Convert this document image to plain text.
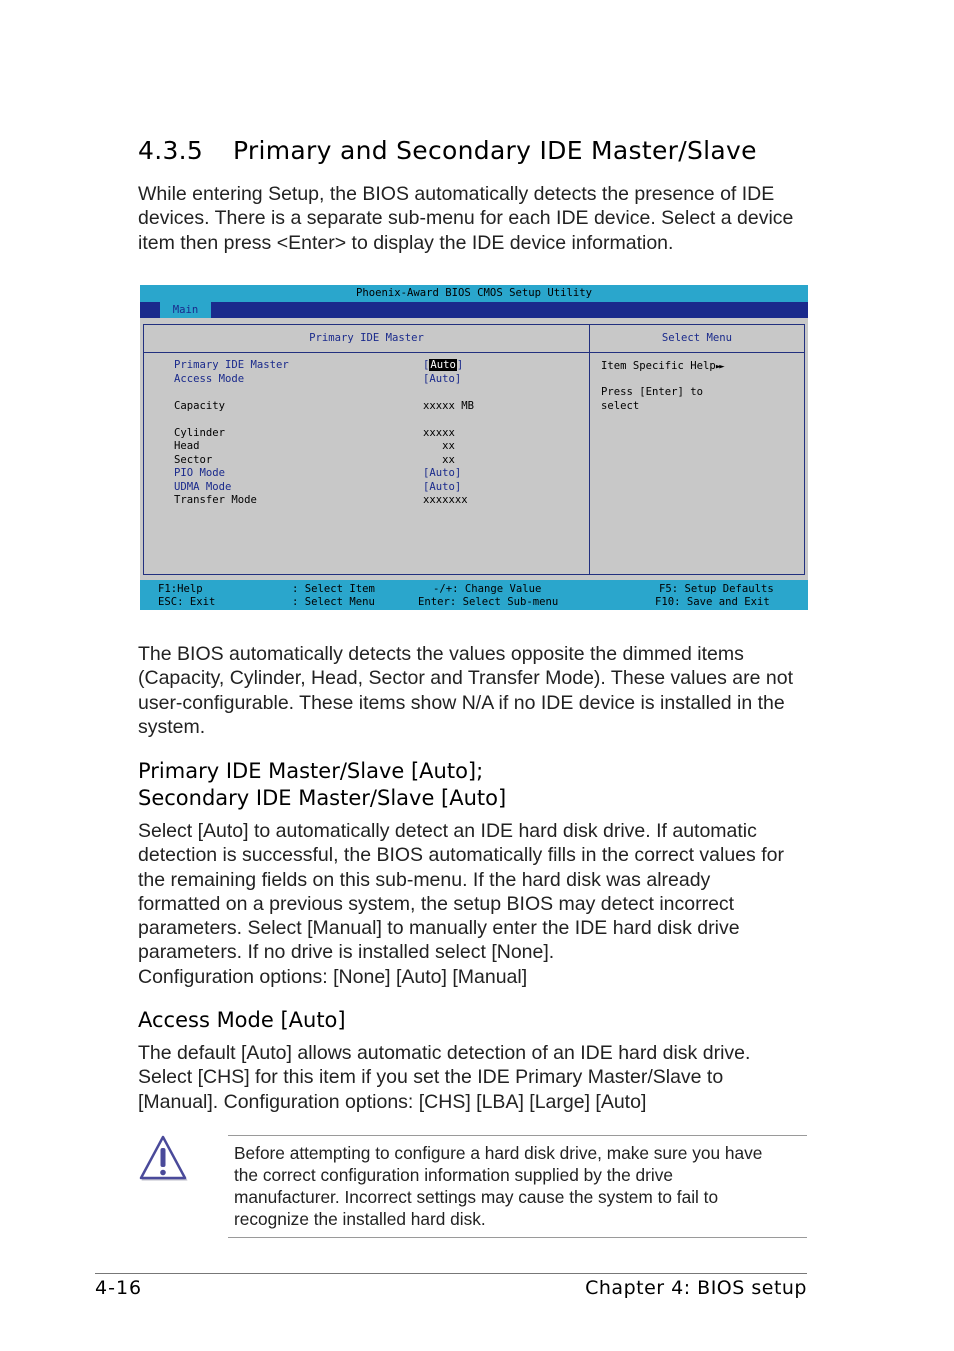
4.3.5 Primary and Secondary IDE Master/Slave

While entering Setup, the BIOS automatically detects the presence of IDE
devices. There is a separate sub-menu for each IDE device. Select a device
item then press <Enter> to display the IDE device information.

Phoenix-Award BIOS CMOS Setup Utility
Main
Primary IDE Master
Primary IDE Master	[Auto]
Access Mode	[Auto]
Capacity	xxxxx MB
Cylinder	xxxxx
Head	xx
Sector	xx
PIO Mode	[Auto]
UDMA Mode	[Auto]
Transfer Mode	xxxxxxx
Select Menu
Item Specific Help►►
Press [Enter] to
select
F1:Help	: Select Item	-/+: Change Value	F5: Setup Defaults
ESC: Exit	: Select Menu	Enter: Select Sub-menu	F10: Save and Exit

The BIOS automatically detects the values opposite the dimmed items
(Capacity, Cylinder, Head, Sector and Transfer Mode). These values are not
user-configurable. These items show N/A if no IDE device is installed in the
system.

Primary IDE Master/Slave [Auto];
Secondary IDE Master/Slave [Auto]

Select [Auto] to automatically detect an IDE hard disk drive. If automatic
detection is successful, the BIOS automatically fills in the correct values for
the remaining fields on this sub-menu. If the hard disk was already
formatted on a previous system, the setup BIOS may detect incorrect
parameters. Select [Manual] to manually enter the IDE hard disk drive
parameters. If no drive is installed select [None].
Configuration options: [None] [Auto] [Manual]

Access Mode [Auto]

The default [Auto] allows automatic detection of an IDE hard disk drive.
Select [CHS] for this item if you set the IDE Primary Master/Slave to
[Manual]. Configuration options: [CHS] [LBA] [Large] [Auto]

Before attempting to configure a hard disk drive, make sure you have
the correct configuration information supplied by the drive
manufacturer. Incorrect settings may cause the system to fail to
recognize the installed hard disk.

4-16	Chapter 4: BIOS setup
